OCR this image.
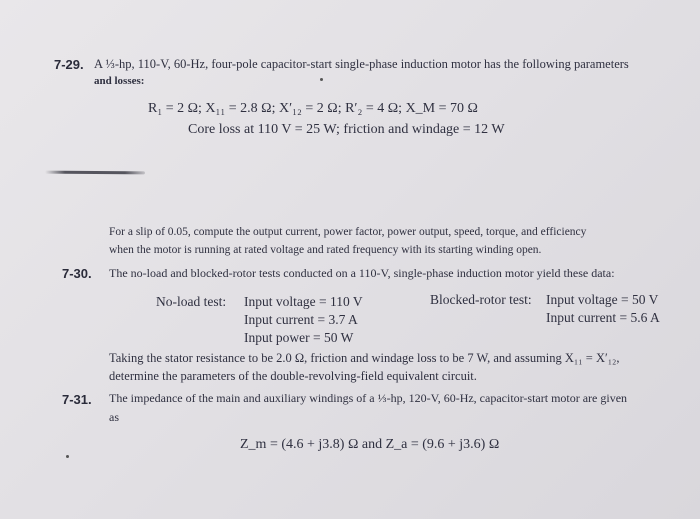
7-29. A ⅓-hp, 110-V, 60-Hz, four-pole capacitor-start single-phase induction motor has the following parameters
and losses:
R₁ = 2 Ω; X₁₁ = 2.8 Ω; X′₁₂ = 2 Ω; R′₂ = 4 Ω; X_M = 70 Ω
Core loss at 110 V = 25 W; friction and windage = 12 W
For a slip of 0.05, compute the output current, power factor, power output, speed, torque, and efficiency
when the motor is running at rated voltage and rated frequency with its starting winding open.
7-30. The no-load and blocked-rotor tests conducted on a 110-V, single-phase induction motor yield these data:
No-load test: Input voltage = 110 V
Input current = 3.7 A
Input power = 50 W
Blocked-rotor test: Input voltage = 50 V
Input current = 5.6 A
Taking the stator resistance to be 2.0 Ω, friction and windage loss to be 7 W, and assuming X₁₁ = X′₁₂,
determine the parameters of the double-revolving-field equivalent circuit.
7-31. The impedance of the main and auxiliary windings of a ⅓-hp, 120-V, 60-Hz, capacitor-start motor are given
as
Z_m = (4.6 + j3.8) Ω and Z_a = (9.6 + j3.6) Ω
